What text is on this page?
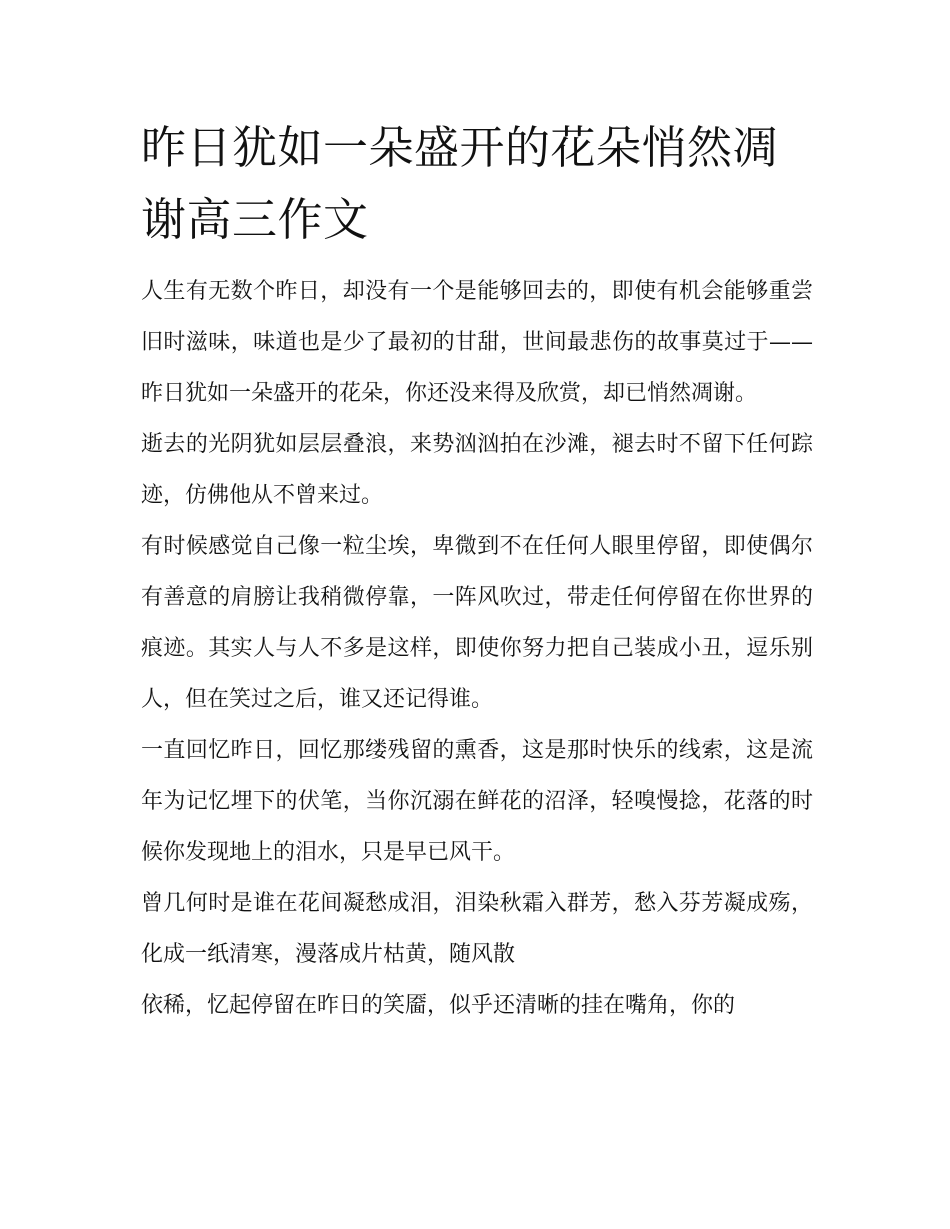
昨日犹如一朵盛开的花朵悄然凋谢高三作文

人生有无数个昨日，却没有一个是能够回去的，即使有机会能够重尝旧时滋味，味道也是少了最初的甘甜，世间最悲伤的故事莫过于——昨日犹如一朵盛开的花朵，你还没来得及欣赏，却已悄然凋谢。

逝去的光阴犹如层层叠浪，来势汹汹拍在沙滩，褪去时不留下任何踪迹，仿佛他从不曾来过。

有时候感觉自己像一粒尘埃，卑微到不在任何人眼里停留，即使偶尔有善意的肩膀让我稍微停靠，一阵风吹过，带走任何停留在你世界的痕迹。其实人与人不多是这样，即使你努力把自己装成小丑，逗乐别人，但在笑过之后，谁又还记得谁。

一直回忆昨日，回忆那缕残留的熏香，这是那时快乐的线索，这是流年为记忆埋下的伏笔，当你沉溺在鲜花的沼泽，轻嗅慢捻，花落的时候你发现地上的泪水，只是早已风干。

曾几何时是谁在花间凝愁成泪，泪染秋霜入群芳，愁入芬芳凝成殇，化成一纸清寒，漫落成片枯黄，随风散

依稀，忆起停留在昨日的笑靥，似乎还清晰的挂在嘴角，你的
